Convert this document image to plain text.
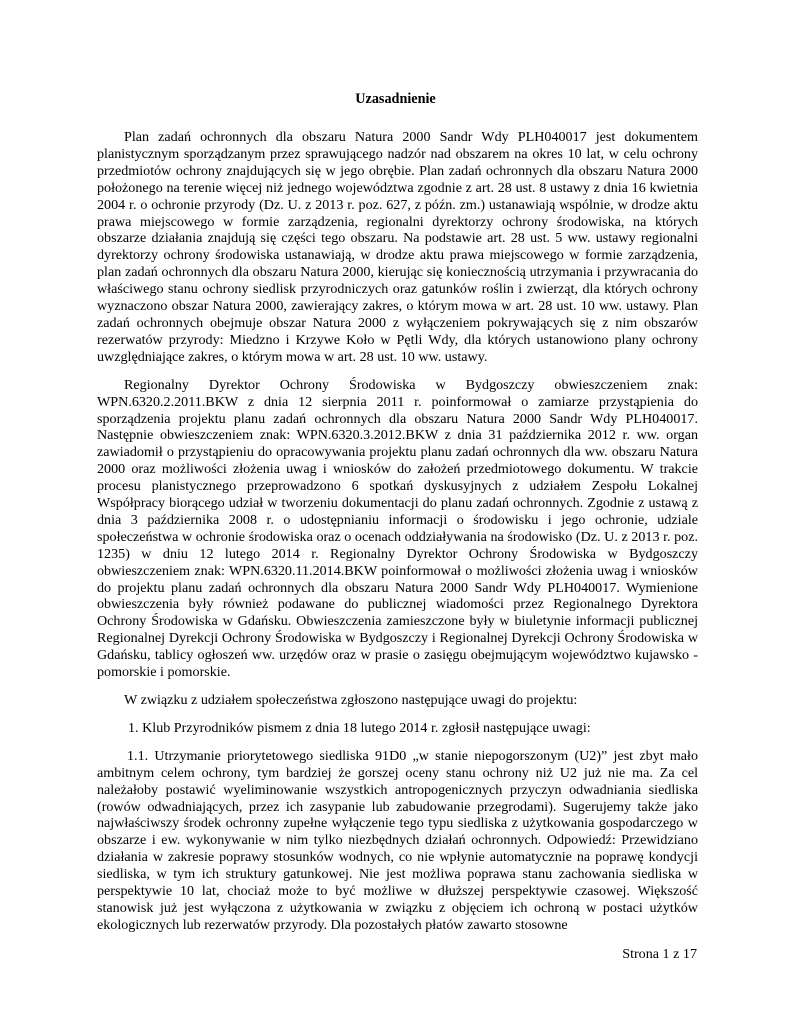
Uzasadnienie

Plan zadań ochronnych dla obszaru Natura 2000 Sandr Wdy PLH040017 jest dokumentem planistycznym sporządzanym przez sprawującego nadzór nad obszarem na okres 10 lat, w celu ochrony przedmiotów ochrony znajdujących się w jego obrębie. Plan zadań ochronnych dla obszaru Natura 2000 położonego na terenie więcej niż jednego województwa zgodnie z art. 28 ust. 8 ustawy z dnia 16 kwietnia 2004 r. o ochronie przyrody (Dz. U. z 2013 r. poz. 627, z późn. zm.) ustanawiają wspólnie, w drodze aktu prawa miejscowego w formie zarządzenia, regionalni dyrektorzy ochrony środowiska, na których obszarze działania znajdują się części tego obszaru. Na podstawie art. 28 ust. 5 ww. ustawy regionalni dyrektorzy ochrony środowiska ustanawiają, w drodze aktu prawa miejscowego w formie zarządzenia, plan zadań ochronnych dla obszaru Natura 2000, kierując się koniecznością utrzymania i przywracania do właściwego stanu ochrony siedlisk przyrodniczych oraz gatunków roślin i zwierząt, dla których ochrony wyznaczono obszar Natura 2000, zawierający zakres, o którym mowa w art. 28 ust. 10 ww. ustawy. Plan zadań ochronnych obejmuje obszar Natura 2000 z wyłączeniem pokrywających się z nim obszarów rezerwatów przyrody: Miedzno i Krzywe Koło w Pętli Wdy, dla których ustanowiono plany ochrony uwzględniające zakres, o którym mowa w art. 28 ust. 10 ww. ustawy.

Regionalny Dyrektor Ochrony Środowiska w Bydgoszczy obwieszczeniem znak: WPN.6320.2.2011.BKW z dnia 12 sierpnia 2011 r. poinformował o zamiarze przystąpienia do sporządzenia projektu planu zadań ochronnych dla obszaru Natura 2000 Sandr Wdy PLH040017. Następnie obwieszczeniem znak: WPN.6320.3.2012.BKW z dnia 31 października 2012 r. ww. organ zawiadomił o przystąpieniu do opracowywania projektu planu zadań ochronnych dla ww. obszaru Natura 2000 oraz możliwości złożenia uwag i wniosków do założeń przedmiotowego dokumentu. W trakcie procesu planistycznego przeprowadzono 6 spotkań dyskusyjnych z udziałem Zespołu Lokalnej Współpracy biorącego udział w tworzeniu dokumentacji do planu zadań ochronnych. Zgodnie z ustawą z dnia 3 października 2008 r. o udostępnianiu informacji o środowisku i jego ochronie, udziale społeczeństwa w ochronie środowiska oraz o ocenach oddziaływania na środowisko (Dz. U. z 2013 r. poz. 1235) w dniu 12 lutego 2014 r. Regionalny Dyrektor Ochrony Środowiska w Bydgoszczy obwieszczeniem znak: WPN.6320.11.2014.BKW poinformował o możliwości złożenia uwag i wniosków do projektu planu zadań ochronnych dla obszaru Natura 2000 Sandr Wdy PLH040017. Wymienione obwieszczenia były również podawane do publicznej wiadomości przez Regionalnego Dyrektora Ochrony Środowiska w Gdańsku. Obwieszczenia zamieszczone były w biuletynie informacji publicznej Regionalnej Dyrekcji Ochrony Środowiska w Bydgoszczy i Regionalnej Dyrekcji Ochrony Środowiska w Gdańsku, tablicy ogłoszeń ww. urzędów oraz w prasie o zasięgu obejmującym województwo kujawsko - pomorskie i pomorskie.

W związku z udziałem społeczeństwa zgłoszono następujące uwagi do projektu:

1. Klub Przyrodników pismem z dnia 18 lutego 2014 r. zgłosił następujące uwagi:

1.1. Utrzymanie priorytetowego siedliska 91D0 „w stanie niepogorszonym (U2)” jest zbyt mało ambitnym celem ochrony, tym bardziej że gorszej oceny stanu ochrony niż U2 już nie ma. Za cel należałoby postawić wyeliminowanie wszystkich antropogenicznych przyczyn odwadniania siedliska (rowów odwadniających, przez ich zasypanie lub zabudowanie przegrodami). Sugerujemy także jako najwłaściwszy środek ochronny zupełne wyłączenie tego typu siedliska z użytkowania gospodarczego w obszarze i ew. wykonywanie w nim tylko niezbędnych działań ochronnych. Odpowiedź: Przewidziano działania w zakresie poprawy stosunków wodnych, co nie wpłynie automatycznie na poprawę kondycji siedliska, w tym ich struktury gatunkowej. Nie jest możliwa poprawa stanu zachowania siedliska w perspektywie 10 lat, chociaż może to być możliwe w dłuższej perspektywie czasowej. Większość stanowisk już jest wyłączona z użytkowania w związku z objęciem ich ochroną w postaci użytków ekologicznych lub rezerwatów przyrody. Dla pozostałych płatów zawarto stosowne

Strona 1 z 17
